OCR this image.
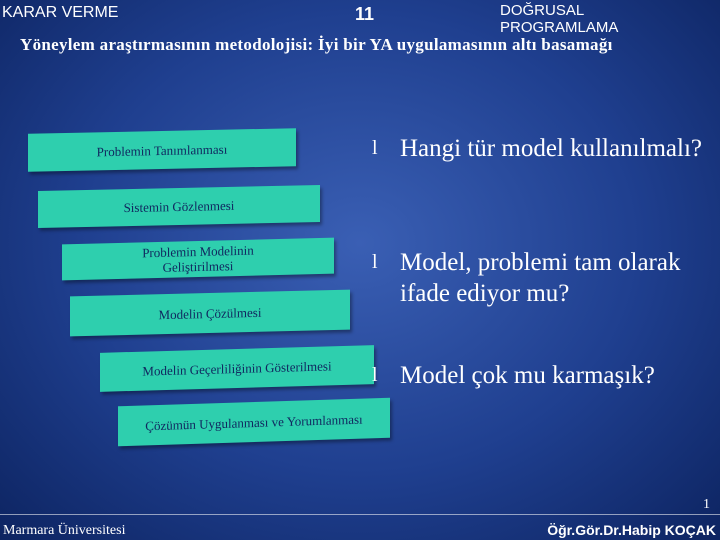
KARAR VERME	11	DOĞRUSAL
PROGRAMLAMA
Yöneylem araştırmasının metodolojisi: İyi bir YA uygulamasının altı basamağı
Problemin Tanımlanması
Sistemin Gözlenmesi
Problemin Modelinin Geliştirilmesi
Modelin Çözülmesi
Modelin Geçerliliğinin Gösterilmesi
Çözümün Uygulanması ve Yorumlanması
l Hangi tür model kullanılmalı?
l Model, problemi tam olarak ifade ediyor mu?
l Model çok mu karmaşık?
1
Marmara Üniversitesi	Öğr.Gör.Dr.Habip KOÇAK
